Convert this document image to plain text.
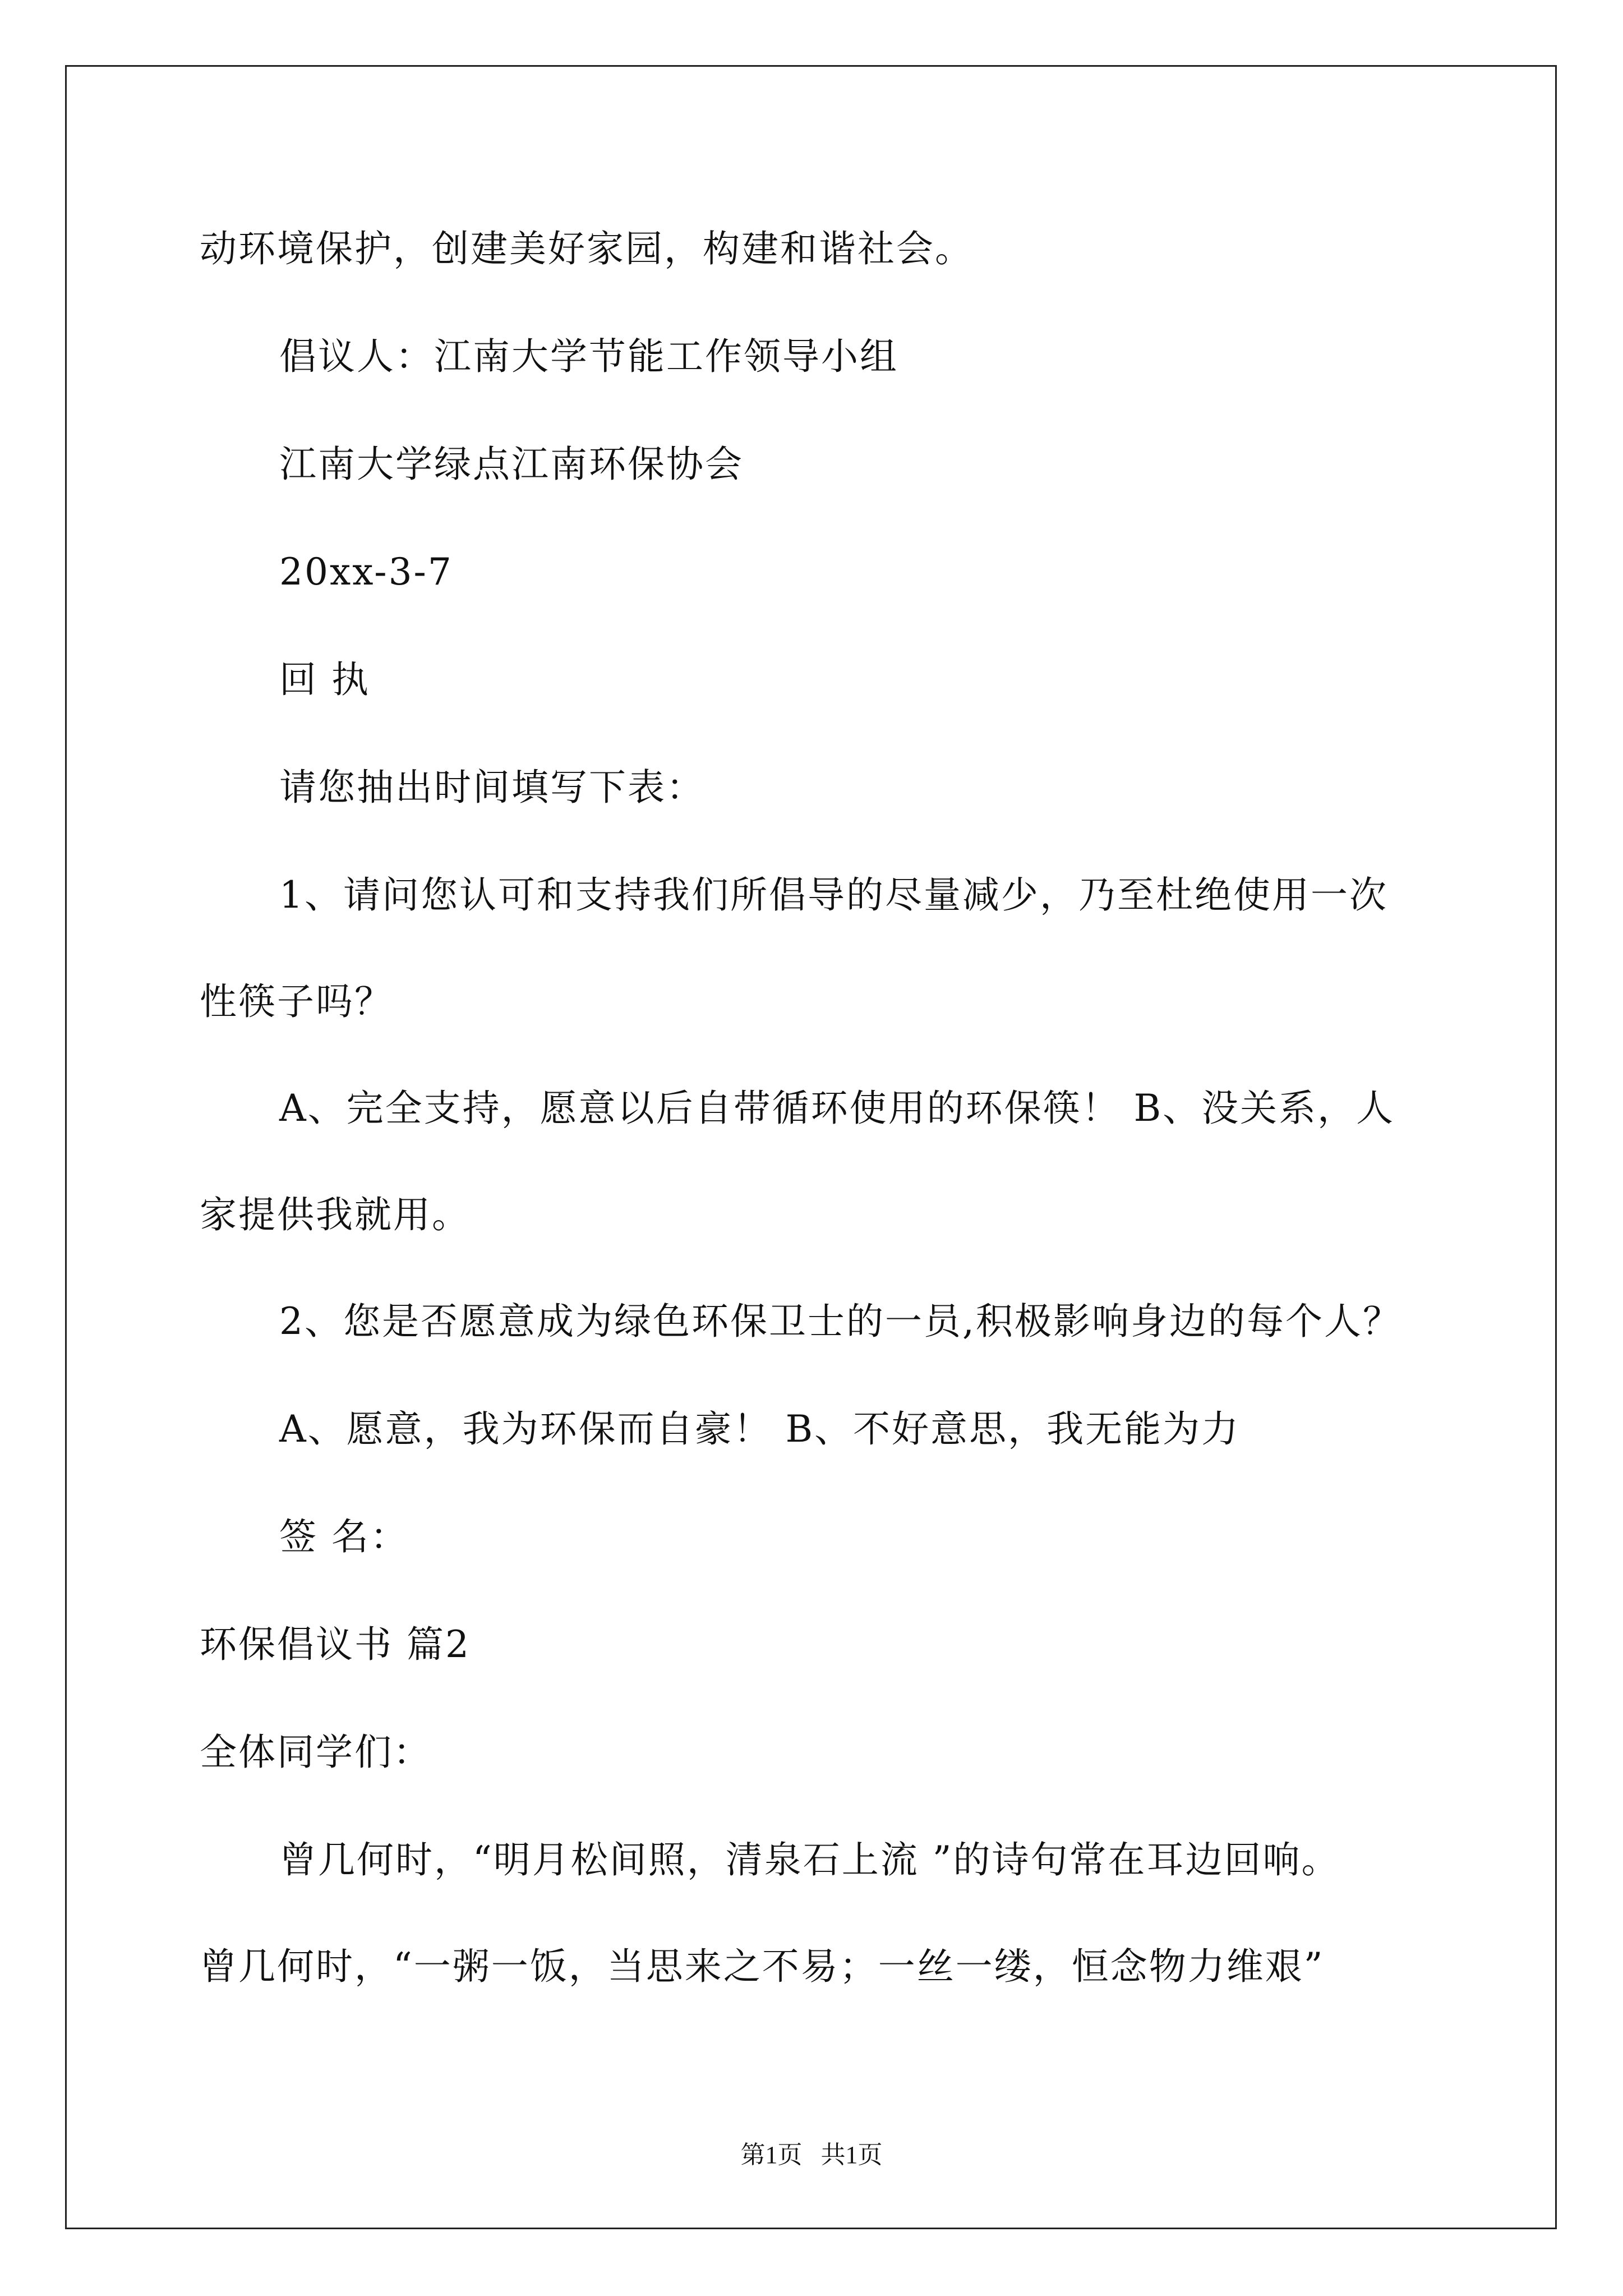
动环境保护，创建美好家园，构建和谐社会。
倡议人：江南大学节能工作领导小组
江南大学绿点江南环保协会
20xx-3-7
回 执
请您抽出时间填写下表：
1、请问您认可和支持我们所倡导的尽量减少，乃至杜绝使用一次
性筷子吗？
A、完全支持，愿意以后自带循环使用的环保筷！ B、没关系，人
家提供我就用。
2、您是否愿意成为绿色环保卫士的一员,积极影响身边的每个人？
A、愿意，我为环保而自豪！ B、不好意思，我无能为力
签 名：
环保倡议书 篇2
全体同学们：
曾几何时，“明月松间照，清泉石上流 ”的诗句常在耳边回响。
曾几何时，“一粥一饭，当思来之不易；一丝一缕，恒念物力维艰”
第1页   共1页
